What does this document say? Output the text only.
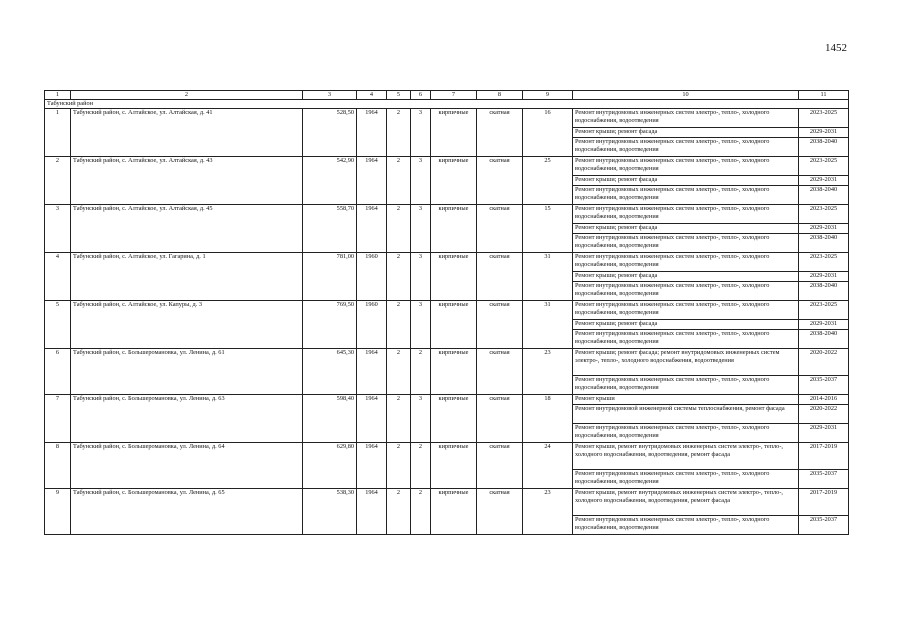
1452
1	2	3	4	5	6	7	8	9	10	11
Табунский район										
1	Табунский район, с. Алтайское, ул. Алтайская, д. 41	528,50	1964	2	3	кирпичные	скатная	16	Ремонт внутридомовых инженерных систем электро-, тепло-, холодного водоснабжения, водоотведения	2023-2025
									Ремонт крыши; ремонт фасада	2029-2031
									Ремонт внутридомовых инженерных систем электро-, тепло-, холодного водоснабжения, водоотведения	2038-2040
2	Табунский район, с. Алтайское, ул. Алтайская, д. 43	542,90	1964	2	3	кирпичные	скатная	25	Ремонт внутридомовых инженерных систем электро-, тепло-, холодного водоснабжения, водоотведения	2023-2025
									Ремонт крыши; ремонт фасада	2029-2031
									Ремонт внутридомовых инженерных систем электро-, тепло-, холодного водоснабжения, водоотведения	2038-2040
3	Табунский район, с. Алтайское, ул. Алтайская, д. 45	558,70	1964	2	3	кирпичные	скатная	15	Ремонт внутридомовых инженерных систем электро-, тепло-, холодного водоснабжения, водоотведения	2023-2025
									Ремонт крыши; ремонт фасада	2029-2031
									Ремонт внутридомовых инженерных систем электро-, тепло-, холодного водоснабжения, водоотведения	2038-2040
4	Табунский район, с. Алтайское, ул. Гагарина, д. 1	781,00	1960	2	3	кирпичные	скатная	31	Ремонт внутридомовых инженерных систем электро-, тепло-, холодного водоснабжения, водоотведения	2023-2025
									Ремонт крыши; ремонт фасада	2029-2031
									Ремонт внутридомовых инженерных систем электро-, тепло-, холодного водоснабжения, водоотведения	2038-2040
5	Табунский район, с. Алтайское, ул. Капуры, д. 3	769,50	1960	2	3	кирпичные	скатная	31	Ремонт внутридомовых инженерных систем электро-, тепло-, холодного водоснабжения, водоотведения	2023-2025
									Ремонт крыши; ремонт фасада	2029-2031
									Ремонт внутридомовых инженерных систем электро-, тепло-, холодного водоснабжения, водоотведения	2038-2040
6	Табунский район, с. Большеромановка, ул. Ленина, д. 61	645,30	1964	2	2	кирпичные	скатная	23	Ремонт крыши; ремонт фасада; ремонт внутридомовых инженерных систем электро-, тепло-, холодного водоснабжения, водоотведения	2020-2022
									Ремонт внутридомовых инженерных систем электро-, тепло-, холодного водоснабжения, водоотведения	2035-2037
7	Табунский район, с. Большеромановка, ул. Ленина, д. 63	598,40	1964	2	3	кирпичные	скатная	18	Ремонт крыши	2014-2016
									Ремонт внутридомовой инженерной системы теплоснабжения, ремонт фасада	2020-2022
									Ремонт внутридомовых инженерных систем электро-, тепло-, холодного водоснабжения, водоотведения	2029-2031
8	Табунский район, с. Большеромановка, ул. Ленина, д. 64	629,80	1964	2	2	кирпичные	скатная	24	Ремонт крыши, ремонт внутридомовых инженерных систем электро-, тепло-, холодного водоснабжения, водоотведения, ремонт фасада	2017-2019
									Ремонт внутридомовых инженерных систем электро-, тепло-, холодного водоснабжения, водоотведения	2035-2037
9	Табунский район, с. Большеромановка, ул. Ленина, д. 65	538,30	1964	2	2	кирпичные	скатная	23	Ремонт крыши, ремонт внутридомовых инженерных систем электро-, тепло-, холодного водоснабжения, водоотведения, ремонт фасада	2017-2019
									Ремонт внутридомовых инженерных систем электро-, тепло-, холодного водоснабжения, водоотведения	2035-2037
